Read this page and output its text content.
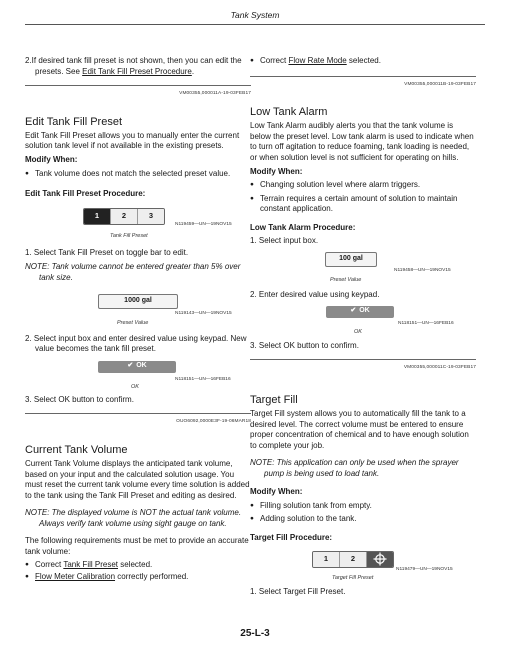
Tank System

2.If desired tank fill preset is not shown, then you can edit the presets. See Edit Tank Fill Preset Procedure.

VM00355,000011A-19-03FEB17

Edit Tank Fill Preset

Edit Tank Fill Preset allows you to manually enter the current solution tank level if not available in the existing presets.

Modify When:

● Tank volume does not match the selected preset value.

Edit Tank Fill Preset Procedure:

1	2	3
N119459—UN—19NOV15
Tank Fill Preset

1. Select Tank Fill Preset on toggle bar to edit.

NOTE: Tank volume cannot be entered greater than 5% over tank size.

1000 gal
N119143—UN—19NOV15
Preset Value

2. Select input box and enter desired value using keypad. New value becomes the tank fill preset.

✔ OK
N118151—UN—16FEB16
OK

3. Select OK button to confirm.

OUO6092,0000E3F-19-06MAR18

Current Tank Volume

Current Tank Volume displays the anticipated tank volume, based on your input and the calculated solution usage. You must reset the current tank volume every time solution is added to the tank using the Tank Fill Preset and editing as desired.

NOTE: The displayed volume is NOT the actual tank volume. Always verify tank volume using sight gauge on tank.

The following requirements must be met to provide an accurate tank volume:

● Correct Tank Fill Preset selected.

● Flow Meter Calibration correctly performed.

● Correct Flow Rate Mode selected.

VM00355,000011B-19-03FEB17

Low Tank Alarm

Low Tank Alarm audibly alerts you that the tank volume is below the preset level. Low tank alarm is used to indicate when to turn off agitation to reduce foaming, tank loading is needed, or when solution level is not sufficient for operating on hills.

Modify When:

● Changing solution level where alarm triggers.

● Terrain requires a certain amount of solution to maintain constant application.

Low Tank Alarm Procedure:

1. Select input box.

100 gal
N119458—UN—19NOV15
Preset Value

2. Enter desired value using keypad.

✔ OK
N118151—UN—16FEB16
OK

3. Select OK button to confirm.

VM00355,000011C-19-03FEB17

Target Fill

Target Fill system allows you to automatically fill the tank to a desired level. The correct volume must be entered to ensure proper concentration of chemical and to have enough solution to complete your job.

NOTE: This application can only be used when the sprayer pump is being used to load tank.

Modify When:

● Filling solution tank from empty.

● Adding solution to the tank.

Target Fill Procedure:

1	2
N119479—UN—19NOV15
Target Fill Preset

1. Select Target Fill Preset.

25-L-3
